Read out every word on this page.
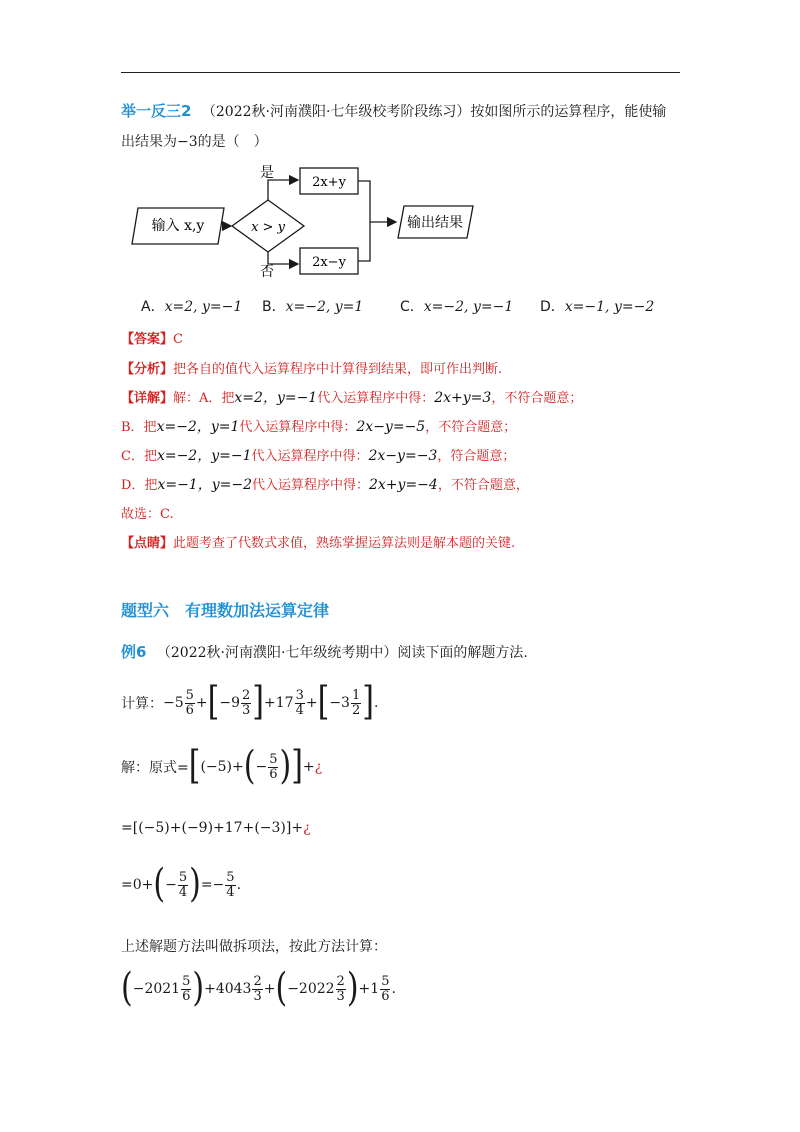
举一反三2 （2022秋·河南濮阳·七年级校考阶段练习）按如图所示的运算程序，能使输
出结果为−3的是（　）
输入 x,y	x > y
是
否
2x+y
2x−y
输出结果
A．x=2, y=−1 B．x=−2, y=1	C．x=−2, y=−1 D．x=−1, y=−2
【答案】C
【分析】把各自的值代入运算程序中计算得到结果，即可作出判断.
【详解】解：A．把x=2，y=−1代入运算程序中得：2x+y=3，不符合题意；
B．把x=−2，y=1代入运算程序中得：2x−y=−5，不符合题意；
C．把x=−2，y=−1代入运算程序中得：2x−y=−3，符合题意；
D．把x=−1，y=−2代入运算程序中得：2x+y=−4，不符合题意，
故选：C.
【点睛】此题考查了代数式求值，熟练掌握运算法则是解本题的关键.
题型六　有理数加法运算定律
例6 （2022秋·河南濮阳·七年级统考期中）阅读下面的解题方法.
计算：$-5 \frac{5}{6} +[-9 \frac{2}{3} ]+17 \frac{3}{4} +[-3 \frac{1}{2}$ ].
解：原式$=[(-5)+(- \frac{5}{6}$ )]+¿
=[(−5)+(−9)+17+(−3)]+¿
$=0+(- \frac{5}{4}$ )=− $\frac{5}{4}$ .
上述解题方法叫做拆项法，按此方法计算：
$(-2021 \frac{5}{6} )+4043 \frac{2}{3} +(-2022 \frac{2}{3} )+1 \frac{5}{6}$ .
